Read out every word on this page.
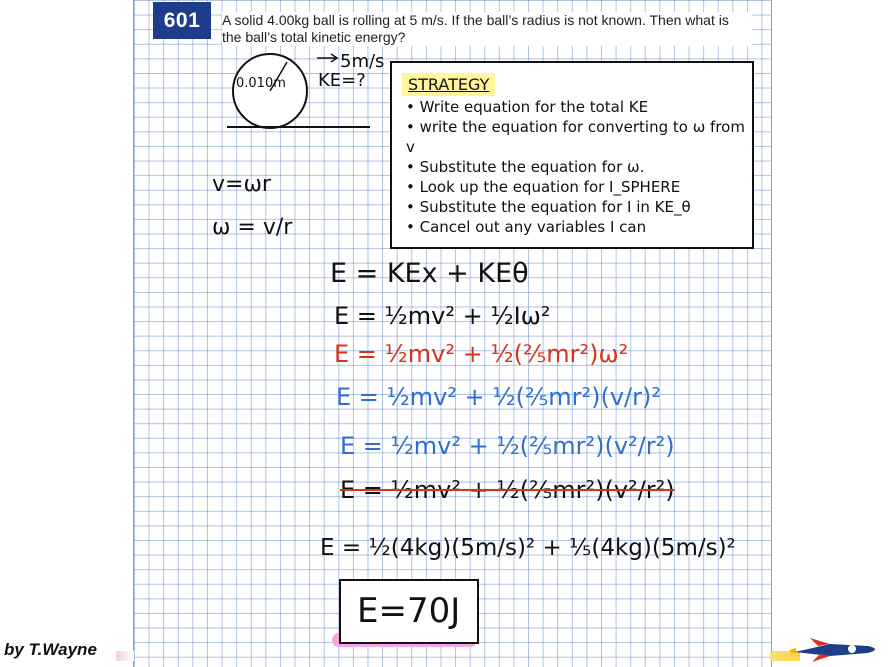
601	A solid 4.00kg ball is rolling at 5 m/s. If the ball’s radius is not known. Then what is the ball’s total kinetic energy?
0.010m
5m/s
KE=?	STRATEGY
• Write equation for the total KE
• write the equation for converting to ω from v
• Substitute the equation for ω.
• Look up the equation for I_SPHERE
• Substitute the equation for I in KE_θ
• Cancel out any variables I can
v=ωr
ω = v/r
E = KEx + KEθ
E = ½mv² + ½Iω²
E = ½mv² + ½(⅖mr²)ω²
E = ½mv² + ½(⅖mr²)(v/r)²
E = ½mv² + ½(⅖mr²)(v²/r²)
E = ½mv² + ½(⅖mr²)(v²/r²)
E = ½(4kg)(5m/s)² + ⅕(4kg)(5m/s)²
E=70J
by T.Wayne
